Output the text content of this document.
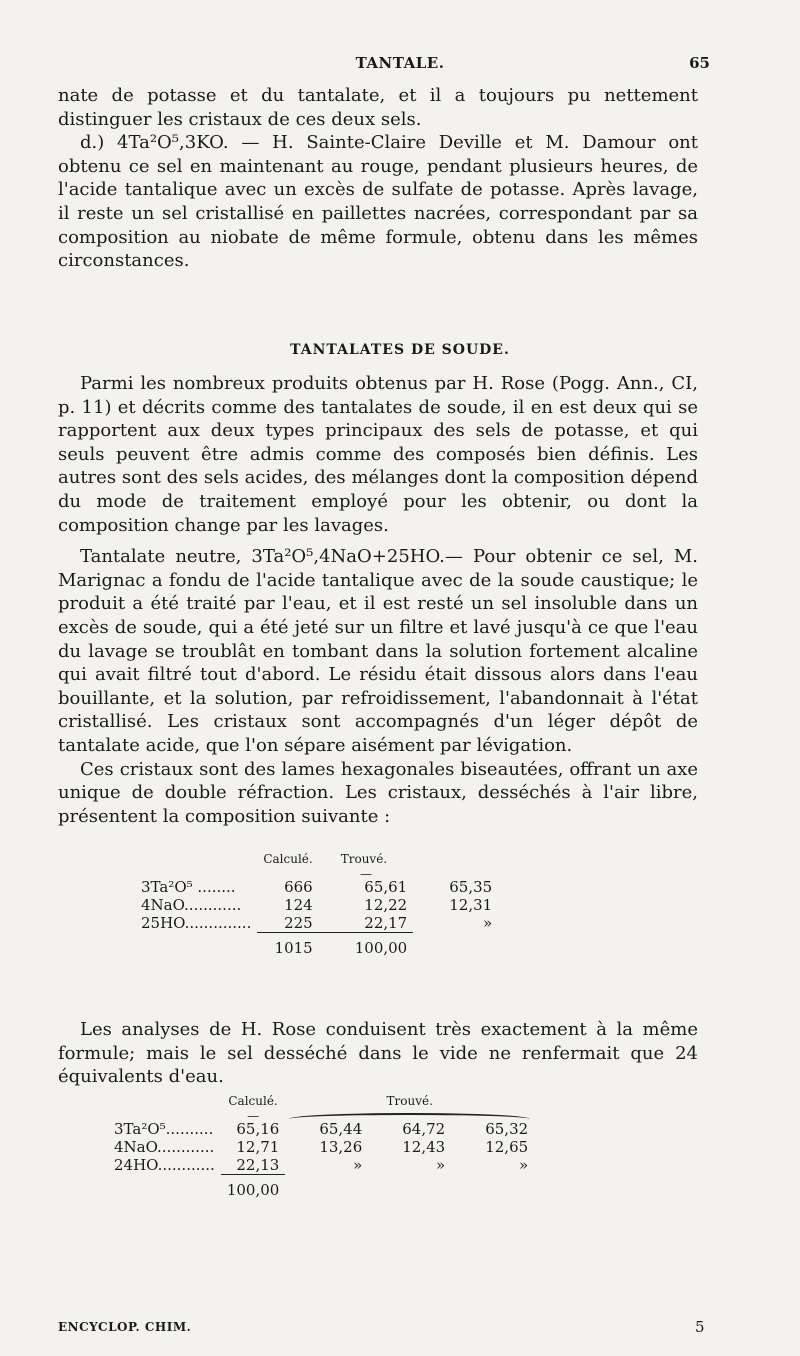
TANTALE.	65

nate de potasse et du tantalate, et il a toujours pu nettement distinguer les cristaux de ces deux sels.

d.) 4Ta²O⁵,3KO. — H. Sainte-Claire Deville et M. Damour ont obtenu ce sel en maintenant au rouge, pendant plusieurs heures, de l'acide tantalique avec un excès de sulfate de potasse. Après lavage, il reste un sel cristallisé en paillettes nacrées, correspondant par sa composition au niobate de même formule, obtenu dans les mêmes circonstances.

TANTALATES DE SOUDE.

Parmi les nombreux produits obtenus par H. Rose (Pogg. Ann., CI, p. 11) et décrits comme des tantalates de soude, il en est deux qui se rapportent aux deux types principaux des sels de potasse, et qui seuls peuvent être admis comme des composés bien définis. Les autres sont des sels acides, des mélanges dont la composition dépend du mode de traitement employé pour les obtenir, ou dont la composition change par les lavages.

Tantalate neutre, 3Ta²O⁵,4NaO+25HO.— Pour obtenir ce sel, M. Marignac a fondu de l'acide tantalique avec de la soude caustique; le produit a été traité par l'eau, et il est resté un sel insoluble dans un excès de soude, qui a été jeté sur un filtre et lavé jusqu'à ce que l'eau du lavage se troublât en tombant dans la solution fortement alcaline qui avait filtré tout d'abord. Le résidu était dissous alors dans l'eau bouillante, et la solution, par refroidissement, l'abandonnait à l'état cristallisé. Les cristaux sont accompagnés d'un léger dépôt de tantalate acide, que l'on sépare aisément par lévigation.

Ces cristaux sont des lames hexagonales biseautées, offrant un axe unique de double réfraction. Les cristaux, desséchés à l'air libre, présentent la composition suivante :

	Calculé.	Trouvé.	
		—	
3Ta²O⁵ ........	666	65,61	65,35
4NaO............	124	12,22	12,31
25HO..............	225	22,17	»
	1015	100,00	

Les analyses de H. Rose conduisent très exactement à la même formule; mais le sel desséché dans le vide ne renfermait que 24 équivalents d'eau.

	Calculé.	Trouvé.		
	—			

3Ta²O⁵..........	65,16	65,44	64,72	65,32
4NaO............	12,71	13,26	12,43	12,65
24HO............	22,13	»	»	»
	100,00			
ENCYCLOP. CHIM.	5
